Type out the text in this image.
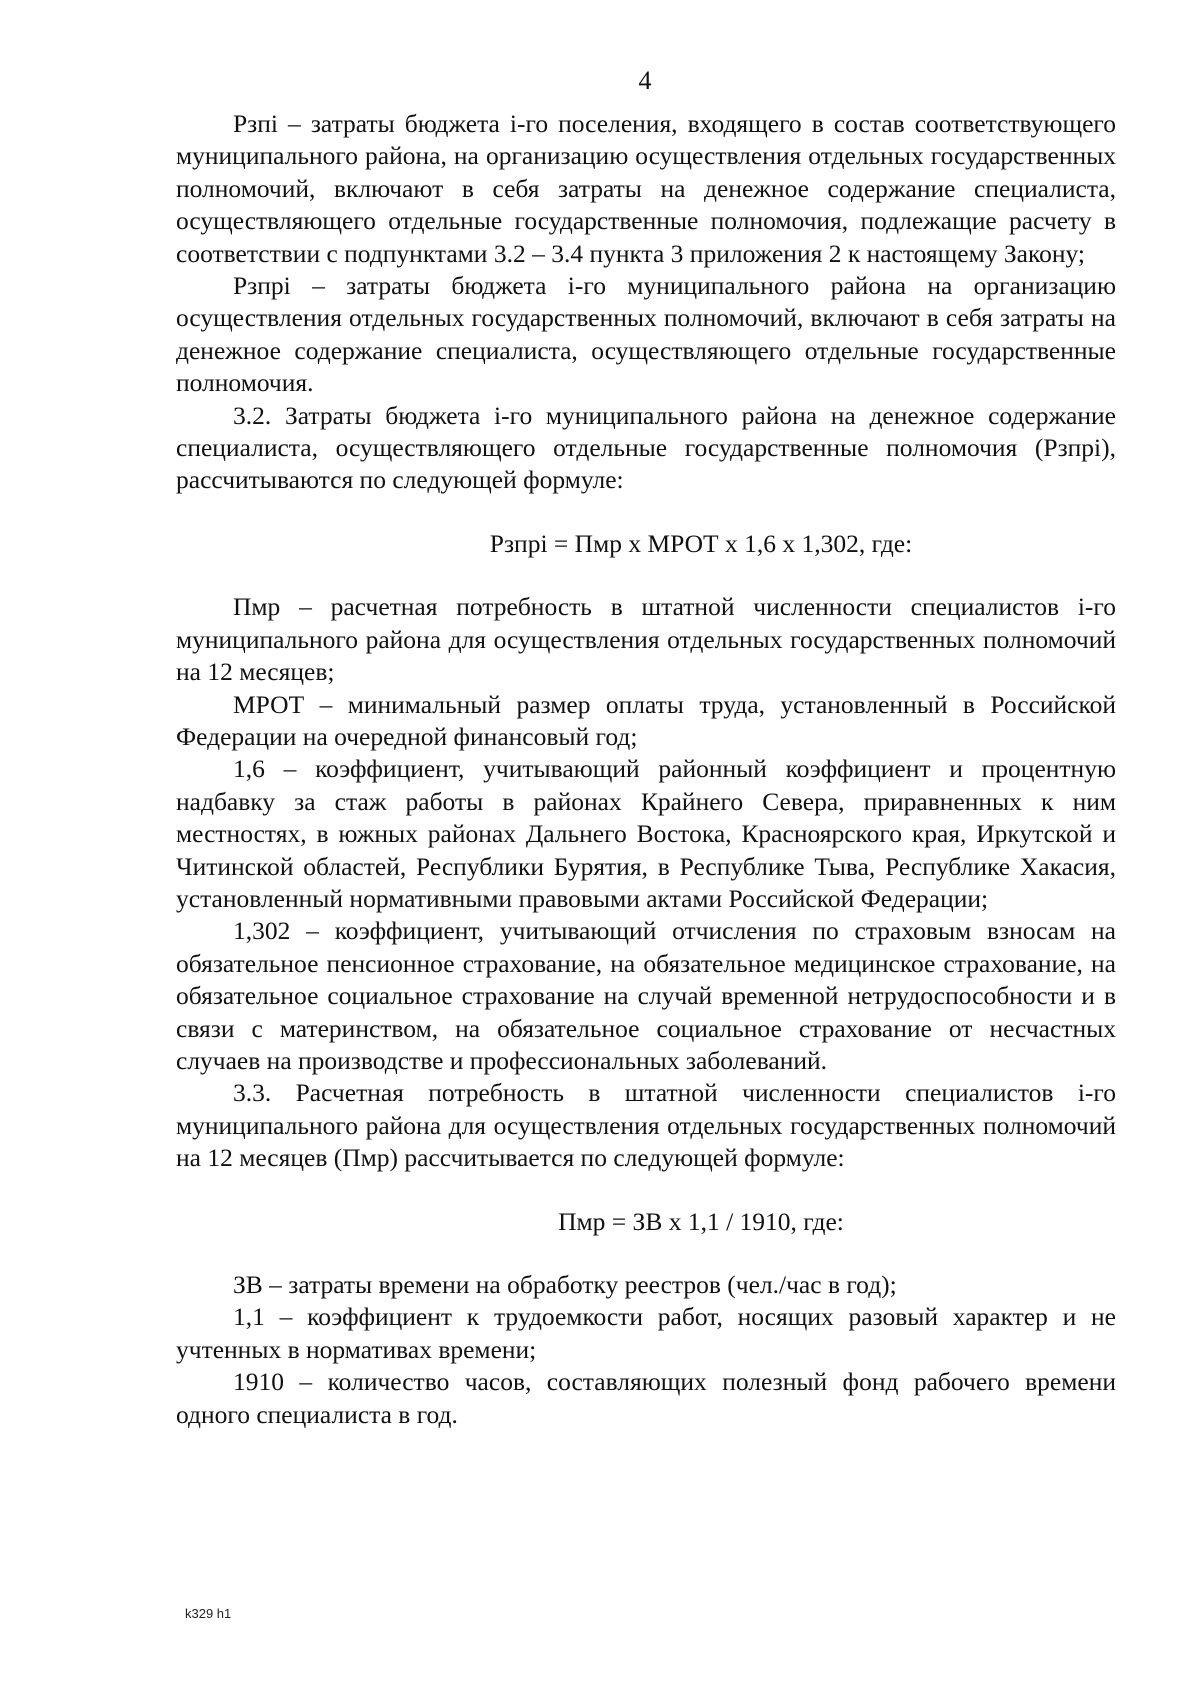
4

Рзпi – затраты бюджета i-го поселения, входящего в состав соответствующего муниципального района, на организацию осуществления отдельных государственных полномочий, включают в себя затраты на денежное содержание специалиста, осуществляющего отдельные государственные полномочия, подлежащие расчету в соответствии с подпунктами 3.2 – 3.4 пункта 3 приложения 2 к настоящему Закону;

Рзпрi – затраты бюджета i-го муниципального района на организацию осуществления отдельных государственных полномочий, включают в себя затраты на денежное содержание специалиста, осуществляющего отдельные государственные полномочия.

3.2. Затраты бюджета i-го муниципального района на денежное содержание специалиста, осуществляющего отдельные государственные полномочия (Рзпрi), рассчитываются по следующей формуле:

Рзпрi = Пмр х МРОТ х 1,6 х 1,302, где:

Пмр – расчетная потребность в штатной численности специалистов i-го муниципального района для осуществления отдельных государственных полномочий на 12 месяцев;

МРОТ – минимальный размер оплаты труда, установленный в Российской Федерации на очередной финансовый год;

1,6 – коэффициент, учитывающий районный коэффициент и процентную надбавку за стаж работы в районах Крайнего Севера, приравненных к ним местностях, в южных районах Дальнего Востока, Красноярского края, Иркутской и Читинской областей, Республики Бурятия, в Республике Тыва, Республике Хакасия, установленный нормативными правовыми актами Российской Федерации;

1,302 – коэффициент, учитывающий отчисления по страховым взносам на обязательное пенсионное страхование, на обязательное медицинское страхование, на обязательное социальное страхование на случай временной нетрудоспособности и в связи с материнством, на обязательное социальное страхование от несчастных случаев на производстве и профессиональных заболеваний.

3.3. Расчетная потребность в штатной численности специалистов i-го муниципального района для осуществления отдельных государственных полномочий на 12 месяцев (Пмр) рассчитывается по следующей формуле:

Пмр = ЗВ х 1,1 / 1910, где:

ЗВ – затраты времени на обработку реестров (чел./час в год);

1,1 – коэффициент к трудоемкости работ, носящих разовый характер и не учтенных в нормативах времени;

1910 – количество часов, составляющих полезный фонд рабочего времени одного специалиста в год.

k329 h1
